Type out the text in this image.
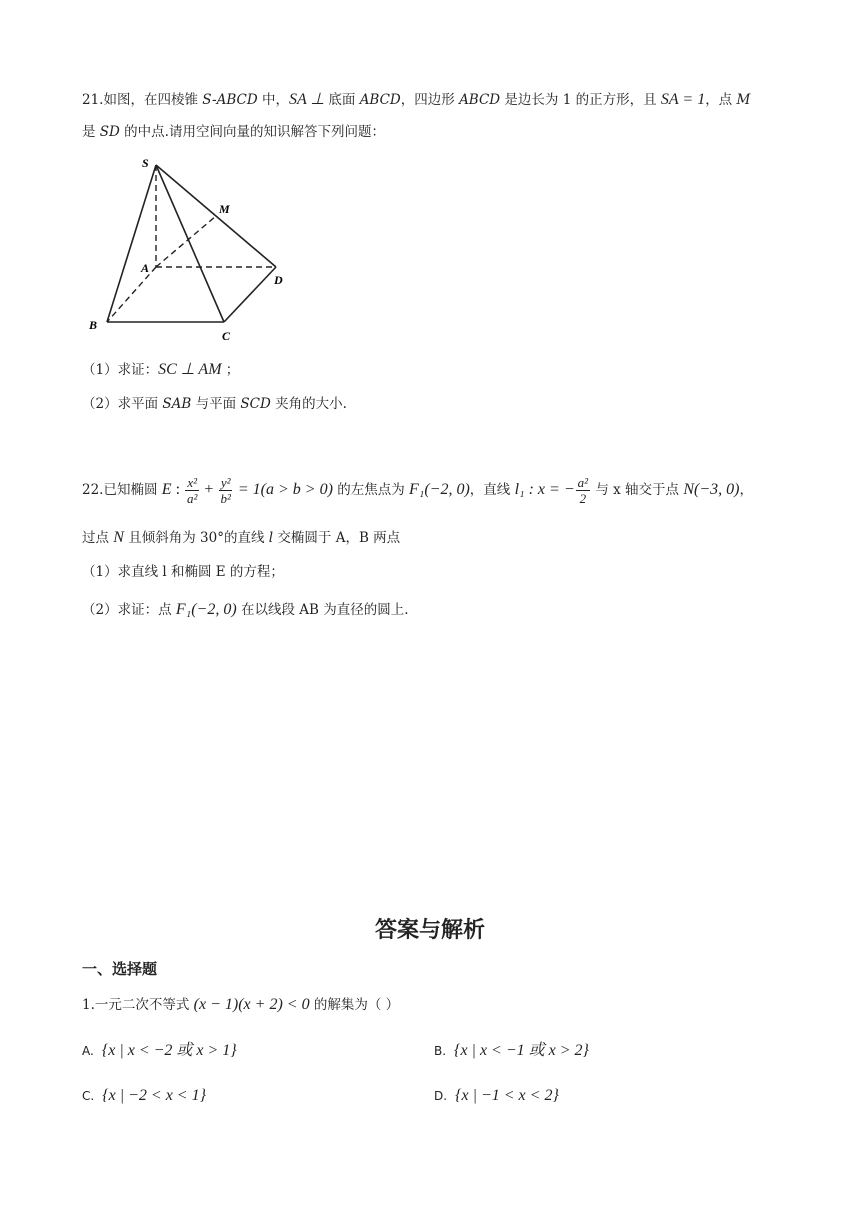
21.如图，在四棱锥 S-ABCD 中，SA ⊥ 底面 ABCD，四边形 ABCD 是边长为 1 的正方形，且 SA = 1，点 M
是 SD 的中点.请用空间向量的知识解答下列问题：
S
M
A
D
B
C
（1）求证：SC ⊥ AM ；
（2）求平面 SAB 与平面 SCD 夹角的大小.
22.已知椭圆 E : $\frac{\text{x²}}{\text{a²}} + \frac{\text{y²}}{\text{b²}} = 1(a > b > 0)$ 的左焦点为 F₁(−2, 0)，直线 l₁ : x = − $\frac{\text{a²}}{2}$ 与 x 轴交于点 N(−3, 0)，
过点 N 且倾斜角为 30°的直线 l 交椭圆于 A，B 两点
（1）求直线 l 和椭圆 E 的方程；
（2）求证：点 F₁(−2, 0) 在以线段 AB 为直径的圆上.
答案与解析
一、选择题
1.一元二次不等式 (x − 1)(x + 2) < 0 的解集为（ ）
A. {x | x < −2 或 x > 1}	B. {x | x < −1 或 x > 2}
C. {x | −2 < x < 1}	D. {x | −1 < x < 2}
